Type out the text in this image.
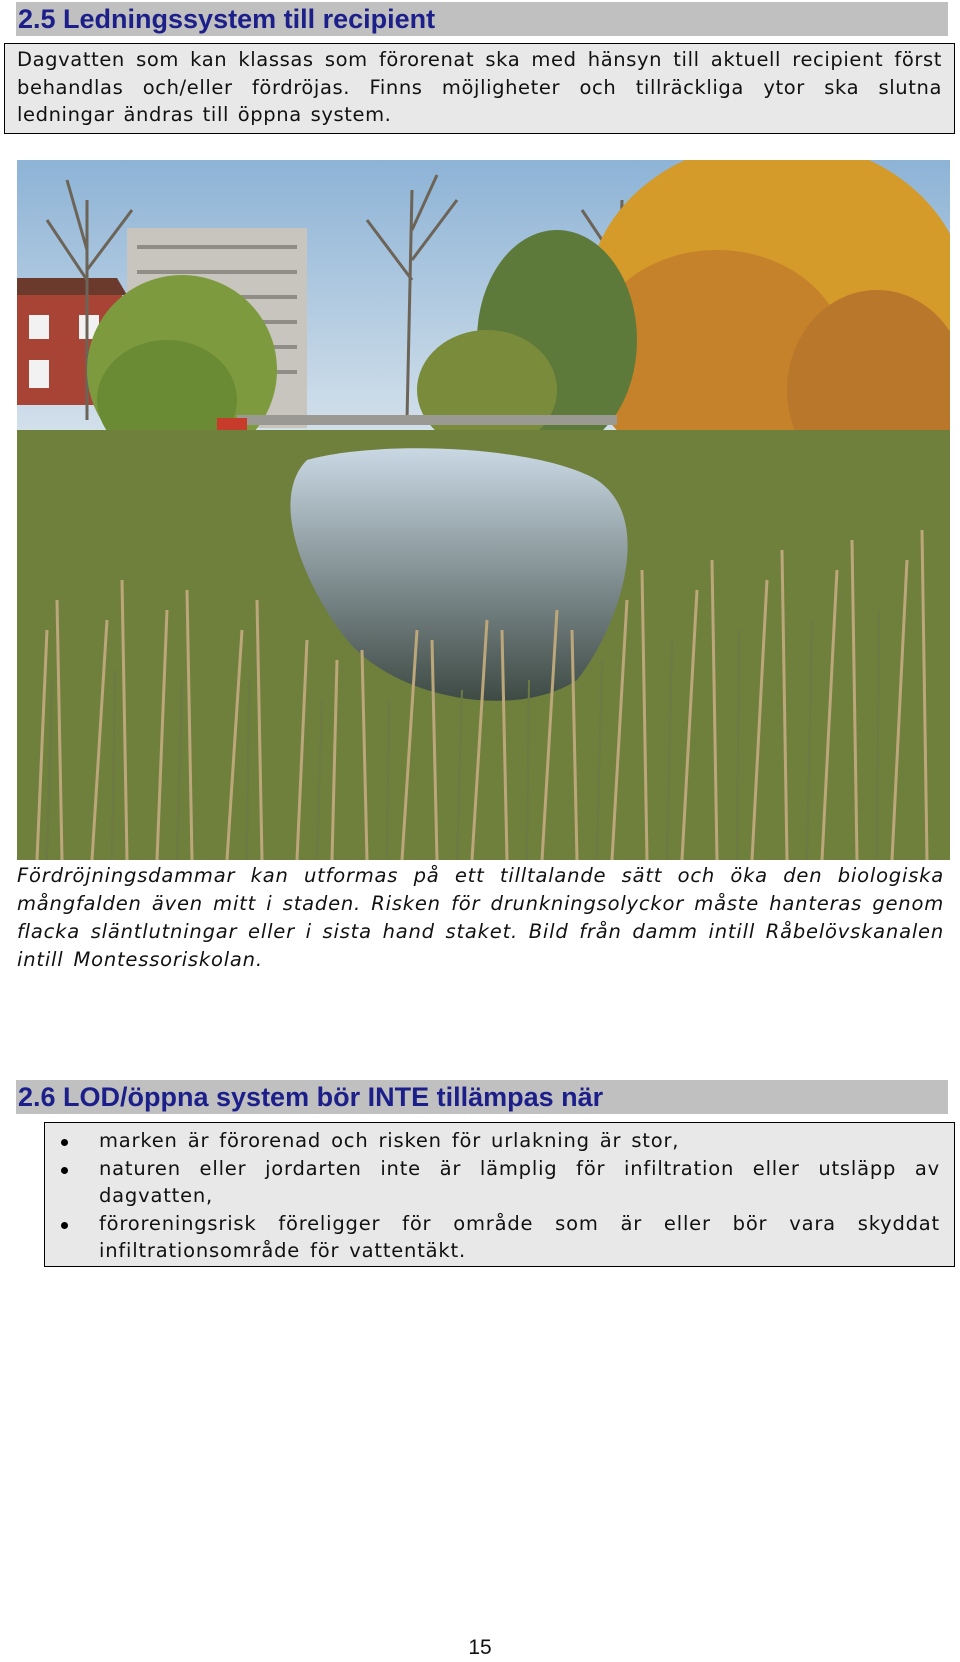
2.5 Ledningssystem till recipient

Dagvatten som kan klassas som förorenat ska med hänsyn till aktuell recipient först behandlas och/eller fördröjas. Finns möjligheter och tillräckliga ytor ska slutna ledningar ändras till öppna system.

Fördröjningsdammar kan utformas på ett tilltalande sätt och öka den biologiska mångfalden även mitt i staden. Risken för drunkningsolyckor måste hanteras genom flacka släntlutningar eller i sista hand staket. Bild från damm intill Råbelövskanalen intill Montessoriskolan.

2.6 LOD/öppna system bör INTE tillämpas när
marken är förorenad och risken för urlakning är stor,
naturen eller jordarten inte är lämplig för infiltration eller utsläpp av dagvatten,
föroreningsrisk föreligger för område som är eller bör vara skyddat infiltrationsområde för vattentäkt.
15
